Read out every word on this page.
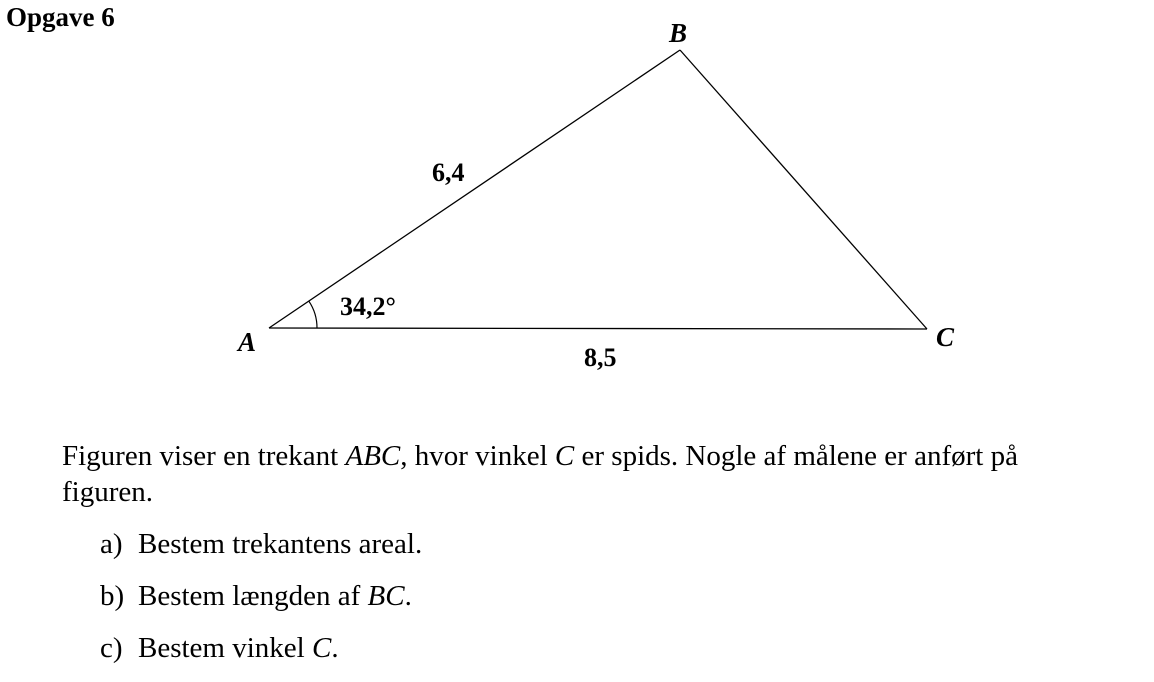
Opgave 6
A
B
C
6,4
8,5
34,2°

Figuren viser en trekant ABC, hvor vinkel C er spids. Nogle af målene er anført på figuren.

a) Bestem trekantens areal.
b) Bestem længden af BC.
c) Bestem vinkel C.
